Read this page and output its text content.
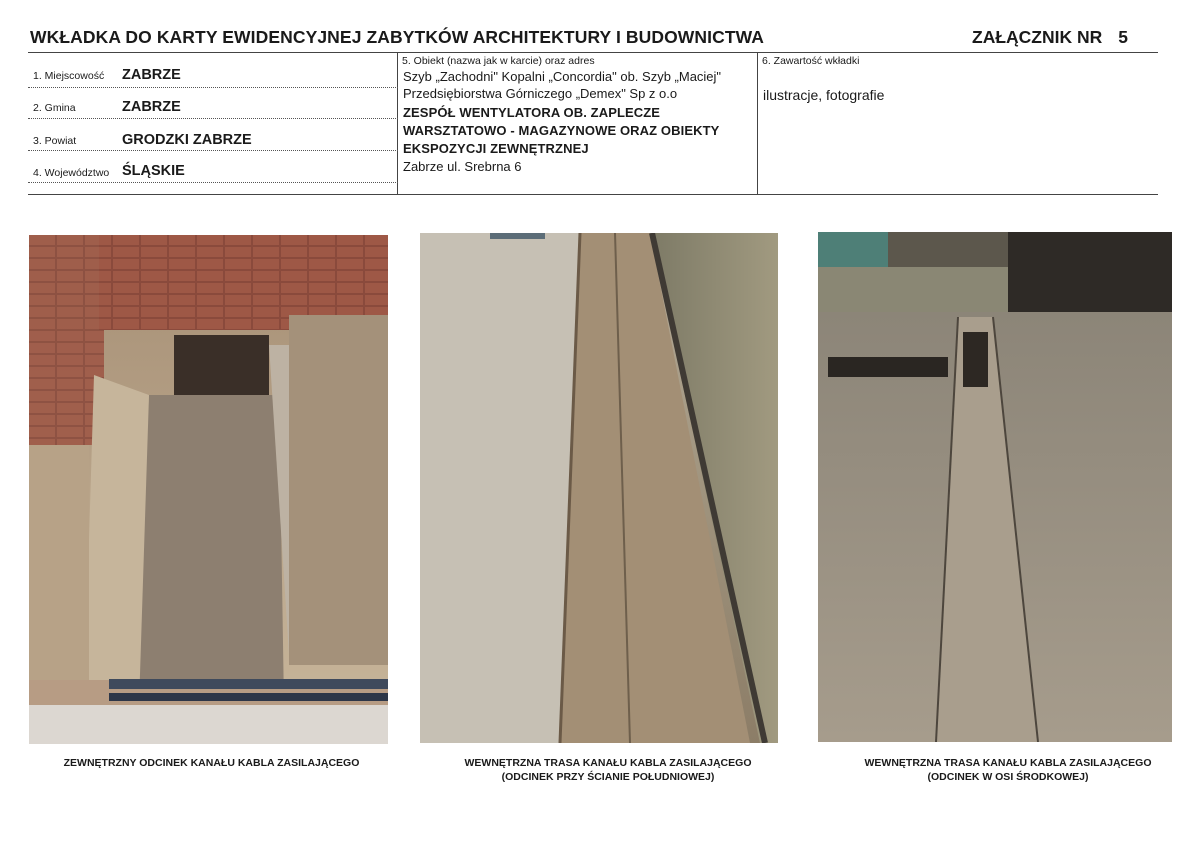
WKŁADKA DO KARTY EWIDENCYJNEJ ZABYTKÓW ARCHITEKTURY I BUDOWNICTWA	ZAŁĄCZNIK NR 5
1. Miejscowość ZABRZE
2. Gmina	ZABRZE
3. Powiat	GRODZKI ZABRZE
4. Województwo ŚLĄSKIE
5. Obiekt (nazwa jak w karcie) oraz adres
Szyb „Zachodni" Kopalni „Concordia" ob. Szyb „Maciej"
Przedsiębiorstwa Górniczego „Demex" Sp z o.o
ZESPÓŁ WENTYLATORA OB. ZAPLECZE
WARSZTATOWO - MAGAZYNOWE ORAZ OBIEKTY
EKSPOZYCJI ZEWNĘTRZNEJ
Zabrze ul. Srebrna 6
6. Zawartość wkładki
ilustracje, fotografie
ZEWNĘTRZNY ODCINEK KANAŁU KABLA ZASILAJĄCEGO	WEWNĘTRZNA TRASA KANAŁU KABLA ZASILAJĄCEGO
(ODCINEK PRZY ŚCIANIE POŁUDNIOWEJ)
WEWNĘTRZNA TRASA KANAŁU KABLA ZASILAJĄCEGO
(ODCINEK W OSI ŚRODKOWEJ)
